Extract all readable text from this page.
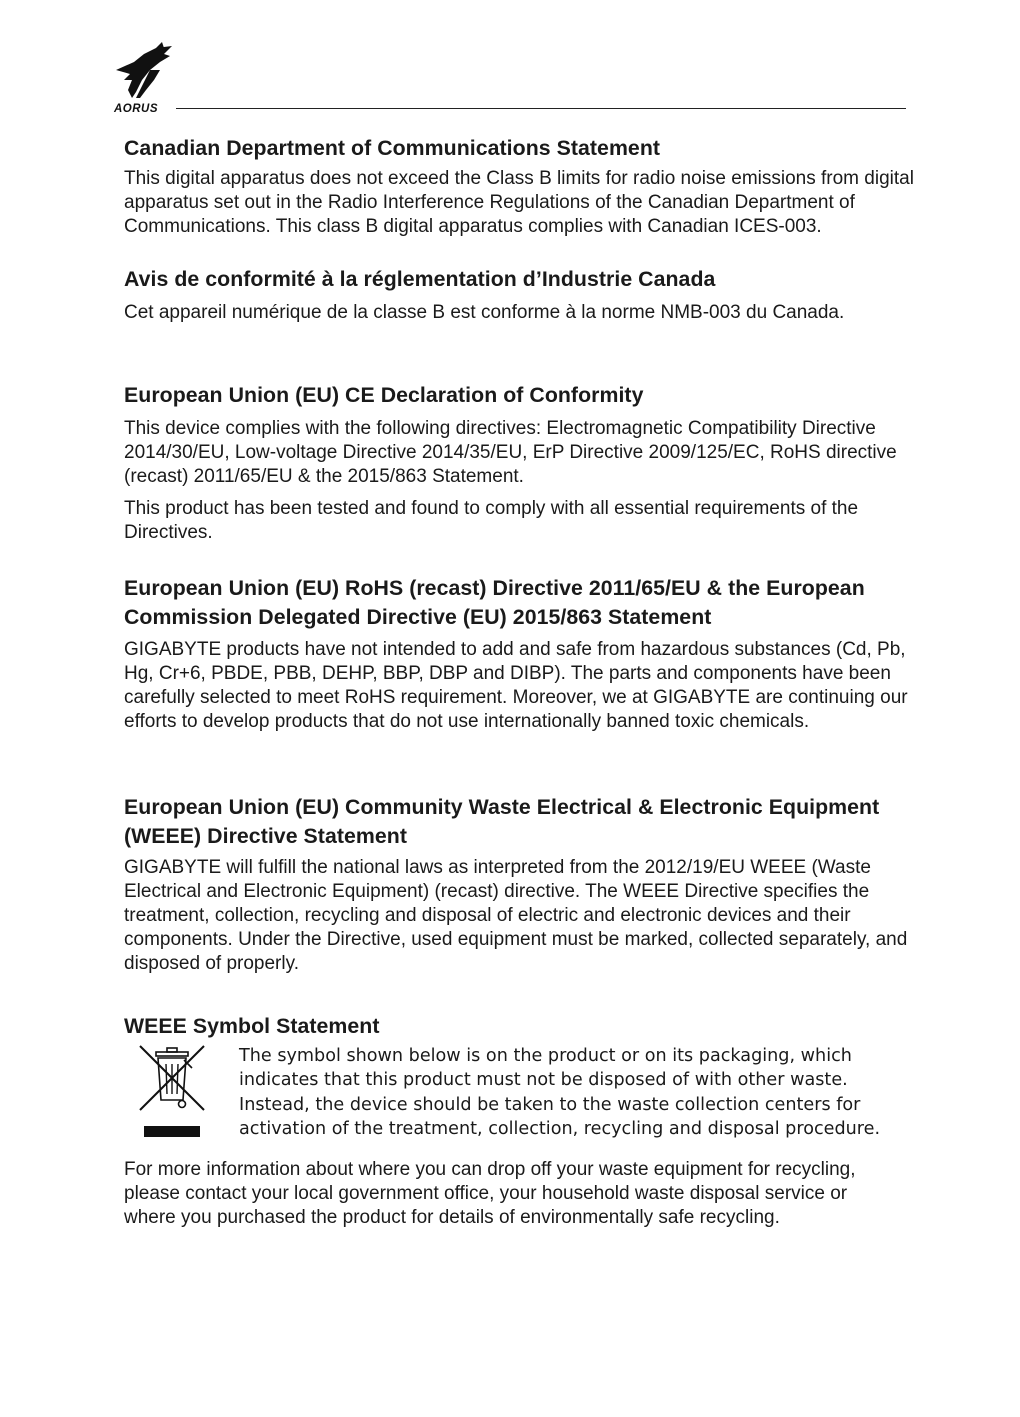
AORUS
Canadian Department of Communications Statement

This digital apparatus does not exceed the Class B limits for radio noise emissions from digital apparatus set out in the Radio Interference Regulations of the Canadian Department of Communications. This class B digital apparatus complies with Canadian ICES-003.

Avis de conformité à la réglementation d’Industrie Canada

Cet appareil numérique de la classe B est conforme à la norme NMB-003 du Canada.

European Union (EU) CE Declaration of Conformity

This device complies with the following directives: Electromagnetic Compatibility Directive 2014/30/EU, Low-voltage Directive 2014/35/EU, ErP Directive 2009/125/EC, RoHS directive (recast) 2011/65/EU & the 2015/863 Statement.

This product has been tested and found to comply with all essential requirements of the Directives.

European Union (EU) RoHS (recast) Directive 2011/65/EU & the European Commission Delegated Directive (EU) 2015/863 Statement

GIGABYTE products have not intended to add and safe from hazardous substances (Cd, Pb, Hg, Cr+6, PBDE, PBB, DEHP, BBP, DBP and DIBP). The parts and components have been carefully selected to meet RoHS requirement. Moreover, we at GIGABYTE are continuing our efforts to develop products that do not use internationally banned toxic chemicals.

European Union (EU) Community Waste Electrical & Electronic Equipment (WEEE) Directive Statement

GIGABYTE will fulfill the national laws as interpreted from the 2012/19/EU WEEE (Waste Electrical and Electronic Equipment) (recast) directive. The WEEE Directive specifies the treatment, collection, recycling and disposal of electric and electronic devices and their components. Under the Directive, used equipment must be marked, collected separately, and disposed of properly.

WEEE Symbol Statement

The symbol shown below is on the product or on its packaging, which indicates that this product must not be disposed of with other waste. Instead, the device should be taken to the waste collection centers for activation of the treatment, collection, recycling and disposal procedure.

For more information about where you can drop off your waste equipment for recycling, please contact your local government office, your household waste disposal service or where you purchased the product for details of environmentally safe recycling.
